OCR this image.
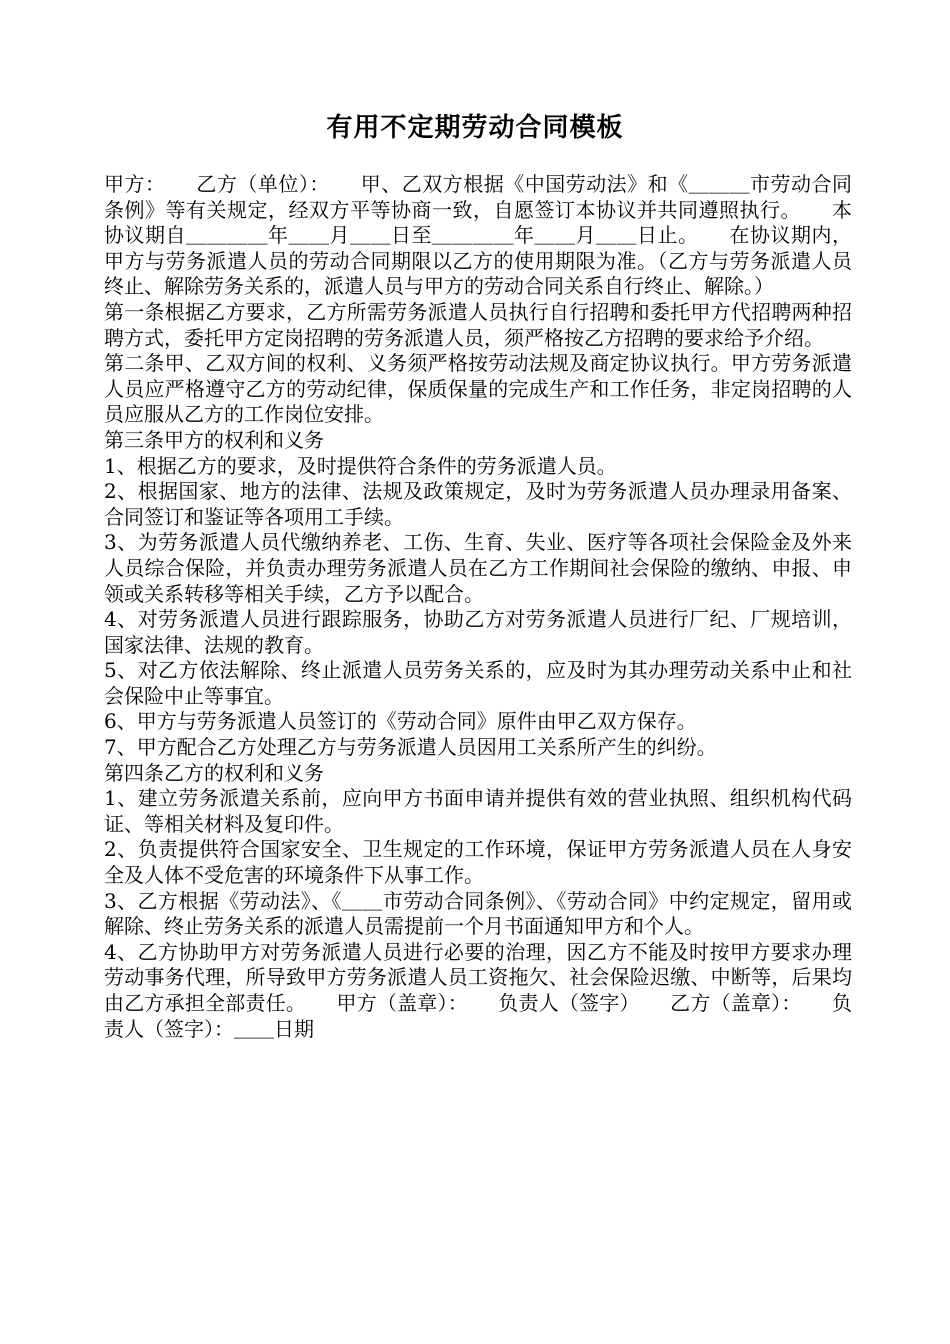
有用不定期劳动合同模板

甲方：　　乙方（单位）：　　甲、乙双方根据《中国劳动法》和《＿＿＿市劳动合同条例》等有关规定，经双方平等协商一致，自愿签订本协议并共同遵照执行。　　本协议期自＿＿＿＿年＿＿月＿＿日至＿＿＿＿年＿＿月＿＿日止。　　在协议期内，甲方与劳务派遣人员的劳动合同期限以乙方的使用期限为准。（乙方与劳务派遣人员终止、解除劳务关系的，派遣人员与甲方的劳动合同关系自行终止、解除。）

第一条根据乙方要求，乙方所需劳务派遣人员执行自行招聘和委托甲方代招聘两种招聘方式，委托甲方定岗招聘的劳务派遣人员，须严格按乙方招聘的要求给予介绍。

第二条甲、乙双方间的权利、义务须严格按劳动法规及商定协议执行。甲方劳务派遣人员应严格遵守乙方的劳动纪律，保质保量的完成生产和工作任务，非定岗招聘的人员应服从乙方的工作岗位安排。

第三条甲方的权利和义务

1、根据乙方的要求，及时提供符合条件的劳务派遣人员。

2、根据国家、地方的法律、法规及政策规定，及时为劳务派遣人员办理录用备案、合同签订和鉴证等各项用工手续。

3、为劳务派遣人员代缴纳养老、工伤、生育、失业、医疗等各项社会保险金及外来人员综合保险，并负责办理劳务派遣人员在乙方工作期间社会保险的缴纳、申报、申领或关系转移等相关手续，乙方予以配合。

4、对劳务派遣人员进行跟踪服务，协助乙方对劳务派遣人员进行厂纪、厂规培训，国家法律、法规的教育。

5、对乙方依法解除、终止派遣人员劳务关系的，应及时为其办理劳动关系中止和社会保险中止等事宜。

6、甲方与劳务派遣人员签订的《劳动合同》原件由甲乙双方保存。

7、甲方配合乙方处理乙方与劳务派遣人员因用工关系所产生的纠纷。

第四条乙方的权利和义务

1、建立劳务派遣关系前，应向甲方书面申请并提供有效的营业执照、组织机构代码证、等相关材料及复印件。

2、负责提供符合国家安全、卫生规定的工作环境，保证甲方劳务派遣人员在人身安全及人体不受危害的环境条件下从事工作。

3、乙方根据《劳动法》、《＿＿市劳动合同条例》、《劳动合同》中约定规定，留用或解除、终止劳务关系的派遣人员需提前一个月书面通知甲方和个人。

4、乙方协助甲方对劳务派遣人员进行必要的治理，因乙方不能及时按甲方要求办理劳动事务代理，所导致甲方劳务派遣人员工资拖欠、社会保险迟缴、中断等，后果均由乙方承担全部责任。　　甲方（盖章）：　　负责人（签字）　　乙方（盖章）：　　负责人（签字）：＿＿日期
